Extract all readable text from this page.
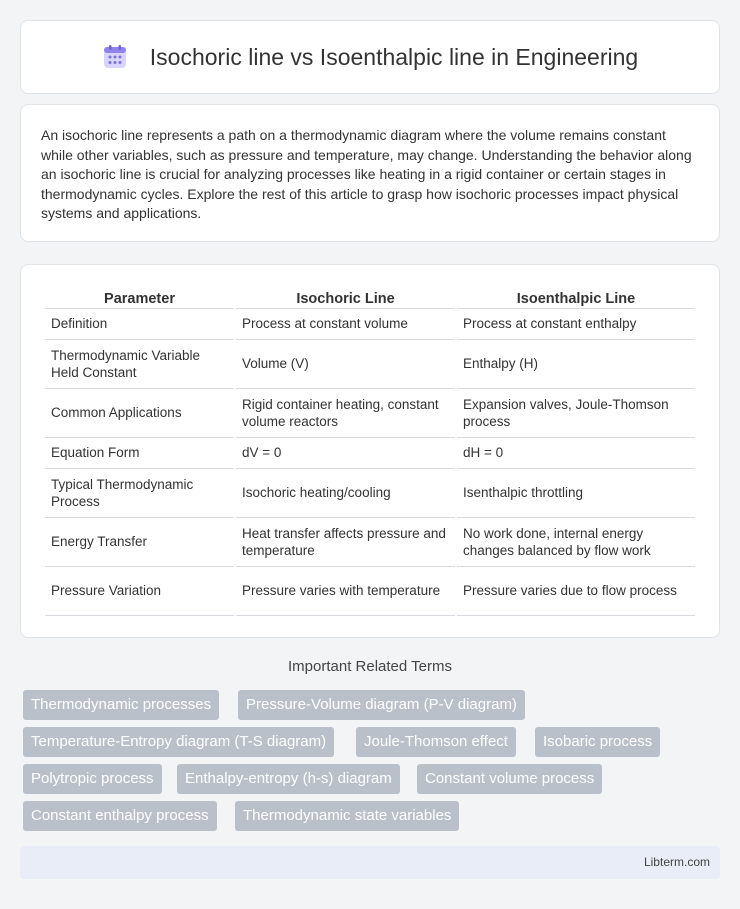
Isochoric line vs Isoenthalpic line in Engineering

An isochoric line represents a path on a thermodynamic diagram where the volume remains constant while other variables, such as pressure and temperature, may change. Understanding the behavior along an isochoric line is crucial for analyzing processes like heating in a rigid container or certain stages in thermodynamic cycles. Explore the rest of this article to grasp how isochoric processes impact physical systems and applications.

Parameter	Isochoric Line	Isoenthalpic Line
Definition	Process at constant volume	Process at constant enthalpy
Thermodynamic Variable Held Constant	Volume (V)	Enthalpy (H)
Common Applications	Rigid container heating, constant volume reactors	Expansion valves, Joule-Thomson process
Equation Form	dV = 0	dH = 0
Typical Thermodynamic Process	Isochoric heating/cooling	Isenthalpic throttling
Energy Transfer	Heat transfer affects pressure and temperature	No work done, internal energy changes balanced by flow work
Pressure Variation	Pressure varies with temperature	Pressure varies due to flow process
Important Related Terms
Thermodynamic processes	Pressure-Volume diagram (P-V diagram)
Temperature-Entropy diagram (T-S diagram)	Joule-Thomson effect	Isobaric process
Polytropic process	Enthalpy-entropy (h-s) diagram	Constant volume process
Constant enthalpy process	Thermodynamic state variables
Libterm.com
